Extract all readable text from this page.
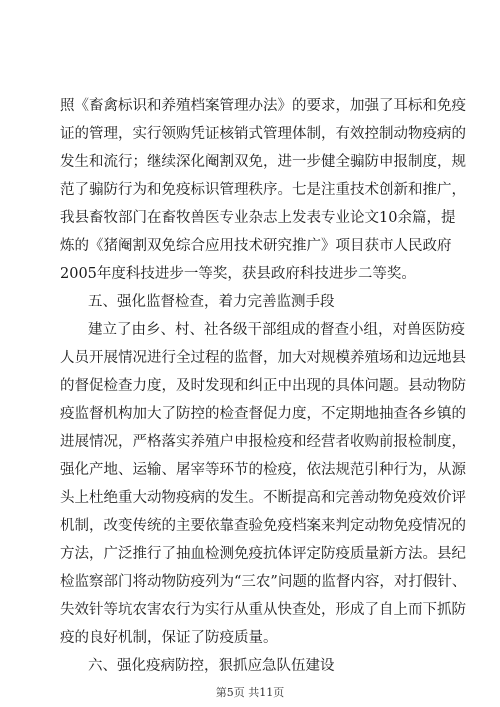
照《畜禽标识和养殖档案管理办法》的要求，加强了耳标和免疫
证的管理，实行领购凭证核销式管理体制，有效控制动物疫病的
发生和流行；继续深化阉割双免，进一步健全骟防申报制度，规
范了骟防行为和免疫标识管理秩序。七是注重技术创新和推广，
我县畜牧部门在畜牧兽医专业杂志上发表专业论文10余篇，提
炼的《猪阉割双免综合应用技术研究推广》项目获市人民政府
2005年度科技进步一等奖，获县政府科技进步二等奖。
五、强化监督检查，着力完善监测手段
建立了由乡、村、社各级干部组成的督查小组，对兽医防疫
人员开展情况进行全过程的监督，加大对规模养殖场和边远地县
的督促检查力度，及时发现和纠正中出现的具体问题。县动物防
疫监督机构加大了防控的检查督促力度，不定期地抽查各乡镇的
进展情况，严格落实养殖户申报检疫和经营者收购前报检制度，
强化产地、运输、屠宰等环节的检疫，依法规范引种行为，从源
头上杜绝重大动物疫病的发生。不断提高和完善动物免疫效价评
机制，改变传统的主要依靠查验免疫档案来判定动物免疫情况的
方法，广泛推行了抽血检测免疫抗体评定防疫质量新方法。县纪
检监察部门将动物防疫列为“三农”问题的监督内容，对打假针、
失效针等坑农害农行为实行从重从快查处，形成了自上而下抓防
疫的良好机制，保证了防疫质量。
六、强化疫病防控，狠抓应急队伍建设
第5页 共11页
